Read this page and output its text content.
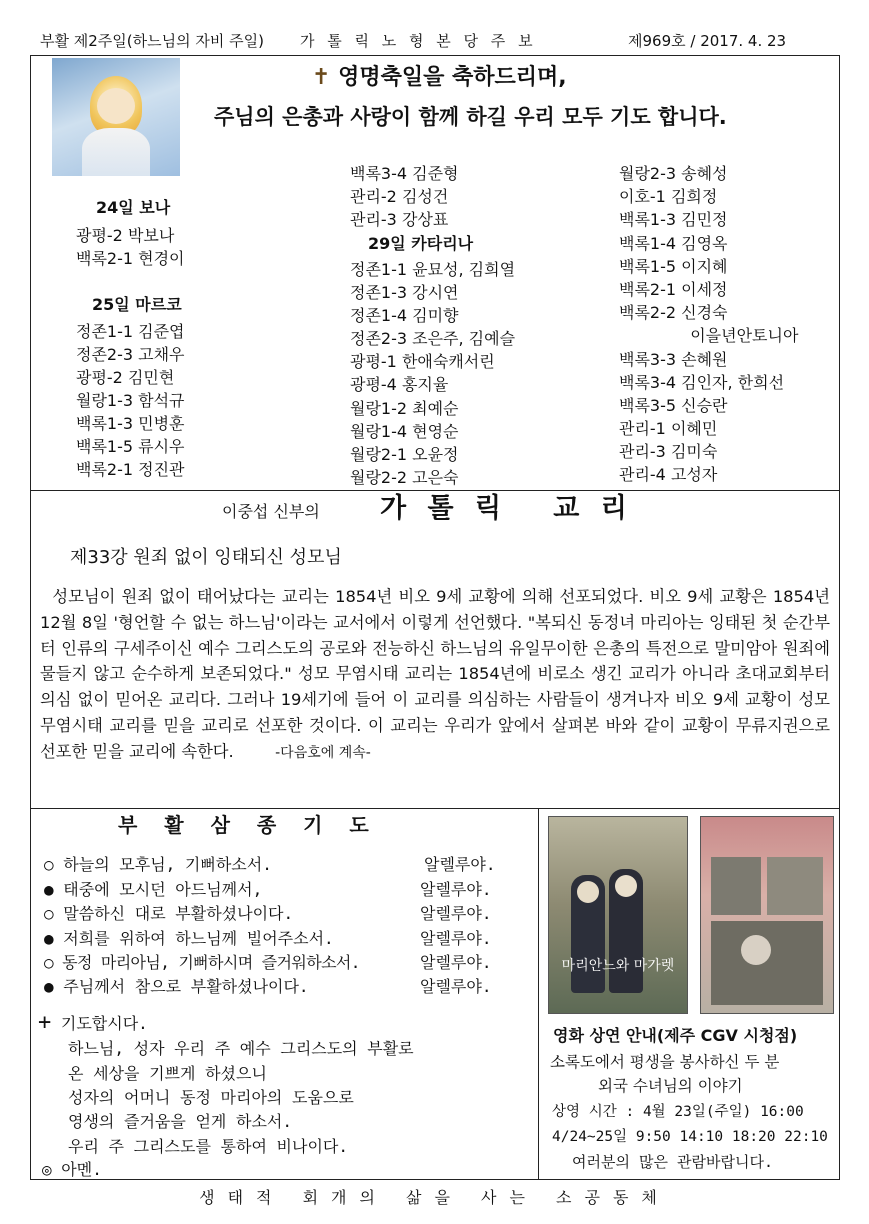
부활 제2주일(하느님의 자비 주일) 가 톨 릭 노 형 본 당 주 보	제969호 / 2017. 4. 23
✝ 영명축일을 축하드리며,
주님의 은총과 사랑이 함께 하길 우리 모두 기도 합니다.
24일 보나
광평-2 박보나
백록2-1 현경이
25일 마르코
정존1-1 김준엽
정존2-3 고채우
광평-2 김민현
월랑1-3 함석규
백록1-3 민병훈
백록1-5 류시우
백록2-1 정진관
백록3-4 김준형
관리-2 김성건
관리-3 강상표
29일 카타리나
정존1-1 윤묘성, 김희열
정존1-3 강시연
정존1-4 김미향
정존2-3 조은주, 김예슬
광평-1 한애숙캐서린
광평-4 홍지율
월랑1-2 최예순
월랑1-4 현영순
월랑2-1 오윤정
월랑2-2 고은숙
월랑2-3 송혜성
이호-1 김희정
백록1-3 김민정
백록1-4 김영옥
백록1-5 이지혜
백록2-1 이세정
백록2-2 신경숙
이을년안토니아
백록3-3 손혜원
백록3-4 김인자, 한희선
백록3-5 신승란
관리-1 이혜민
관리-3 김미숙
관리-4 고성자
이중섭 신부의 가 톨 릭   교 리
제33강 원죄 없이 잉태되신 성모님
성모님이 원죄 없이 태어났다는 교리는 1854년 비오 9세 교황에 의해 선포되었다. 비오 9세 교황은 1854년 12월 8일 '형언할 수 없는 하느님'이라는 교서에서 이렇게 선언했다. "복되신 동정녀 마리아는 잉태된 첫 순간부터 인류의 구세주이신 예수 그리스도의 공로와 전능하신 하느님의 유일무이한 은총의 특전으로 말미암아 원죄에 물들지 않고 순수하게 보존되었다." 성모 무염시태 교리는 1854년에 비로소 생긴 교리가 아니라 초대교회부터 의심 없이 믿어온 교리다. 그러나 19세기에 들어 이 교리를 의심하는 사람들이 생겨나자 비오 9세 교황이 성모 무염시태 교리를 믿을 교리로 선포한 것이다. 이 교리는 우리가 앞에서 살펴본 바와 같이 교황이 무류지권으로 선포한 믿을 교리에 속한다.	-다음호에 계속-
부 활 삼 종 기 도
○ 하늘의 모후님, 기뻐하소서.	알렐루야.
● 태중에 모시던 아드님께서,	알렐루야.
○ 말씀하신 대로 부활하셨나이다.	알렐루야.
● 저희를 위하여 하느님께 빌어주소서.	알렐루야.
○ 동정 마리아님, 기뻐하시며 즐거워하소서.	알렐루야.
● 주님께서 참으로 부활하셨나이다.	알렐루야.
+ 기도합시다.
하느님, 성자 우리 주 예수 그리스도의 부활로
온 세상을 기쁘게 하셨으니
성자의 어머니 동정 마리아의 도움으로
영생의 즐거움을 얻게 하소서.
우리 주 그리스도를 통하여 비나이다.
◎ 아멘.
마리안느와 마가렛
영화 상연 안내(제주 CGV 시청점)
소록도에서 평생을 봉사하신 두 분
외국 수녀님의 이야기
상영 시간 : 4월 23일(주일) 16:00
4/24~25일 9:50 14:10 18:20 22:10
여러분의 많은 관람바랍니다.
생태적 회개의 삶을 사는 소공동체
